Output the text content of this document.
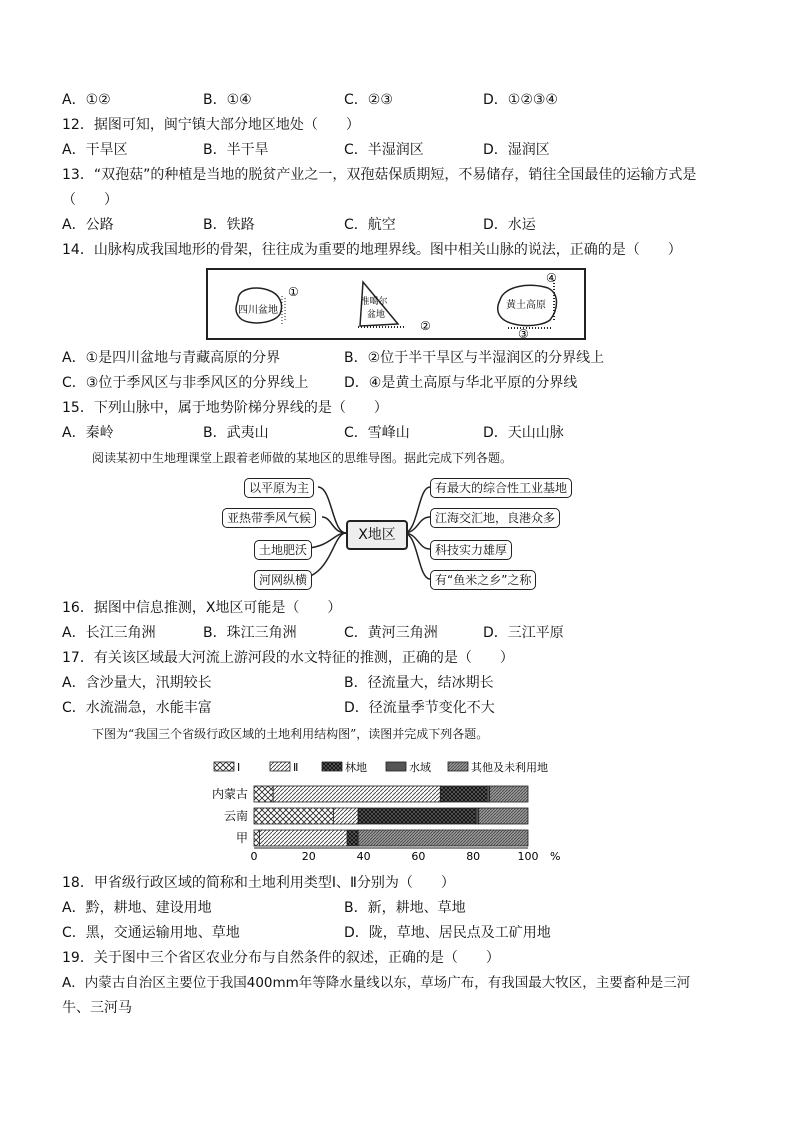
A．①②	B．①④	C．②③	D．①②③④
12．据图可知，闽宁镇大部分地区地处（　　）
A．干旱区	B．半干旱	C．半湿润区	D．湿润区
13．“双孢菇”的种植是当地的脱贫产业之一，双孢菇保质期短，不易储存，销往全国最佳的运输方式是
（　　）
A．公路	B．铁路	C．航空	D．水运
14．山脉构成我国地形的骨架，往往成为重要的地理界线。图中相关山脉的说法，正确的是（　　）
四川盆地
①
准噶尔
盆地
②
黄土高原
④
③
A．①是四川盆地与青藏高原的分界	B．②位于半干旱区与半湿润区的分界线上
C．③位于季风区与非季风区的分界线上	D．④是黄土高原与华北平原的分界线
15．下列山脉中，属于地势阶梯分界线的是（　　）
A．秦岭	B．武夷山	C．雪峰山	D．天山山脉
阅读某初中生地理课堂上跟着老师做的某地区的思维导图。据此完成下列各题。
以平原为主
亚热带季风气候
土地肥沃
河网纵横
X地区
有最大的综合性工业基地
江海交汇地，良港众多
科技实力雄厚
有“鱼米之乡”之称
16．据图中信息推测，X地区可能是（　　）
A．长江三角洲	B．珠江三角洲	C．黄河三角洲	D．三江平原
17．有关该区域最大河流上游河段的水文特征的推测，正确的是（　　）
A．含沙量大，汛期较长	B．径流量大，结冰期长
C．水流湍急，水能丰富	D．径流量季节变化不大
下图为“我国三个省级行政区域的土地利用结构图”，读图并完成下列各题。
Ⅰ	Ⅱ	林地	水域	其他及未利用地
内蒙古
云南
甲
0	20	40	60	80	100 %
18．甲省级行政区域的简称和土地利用类型Ⅰ、Ⅱ分别为（　　）
A．黔，耕地、建设用地	B．新，耕地、草地
C．黑，交通运输用地、草地	D．陇，草地、居民点及工矿用地
19．关于图中三个省区农业分布与自然条件的叙述，正确的是（　　）
A．内蒙古自治区主要位于我国400mm年等降水量线以东，草场广布，有我国最大牧区，主要畜种是三河
牛、三河马
